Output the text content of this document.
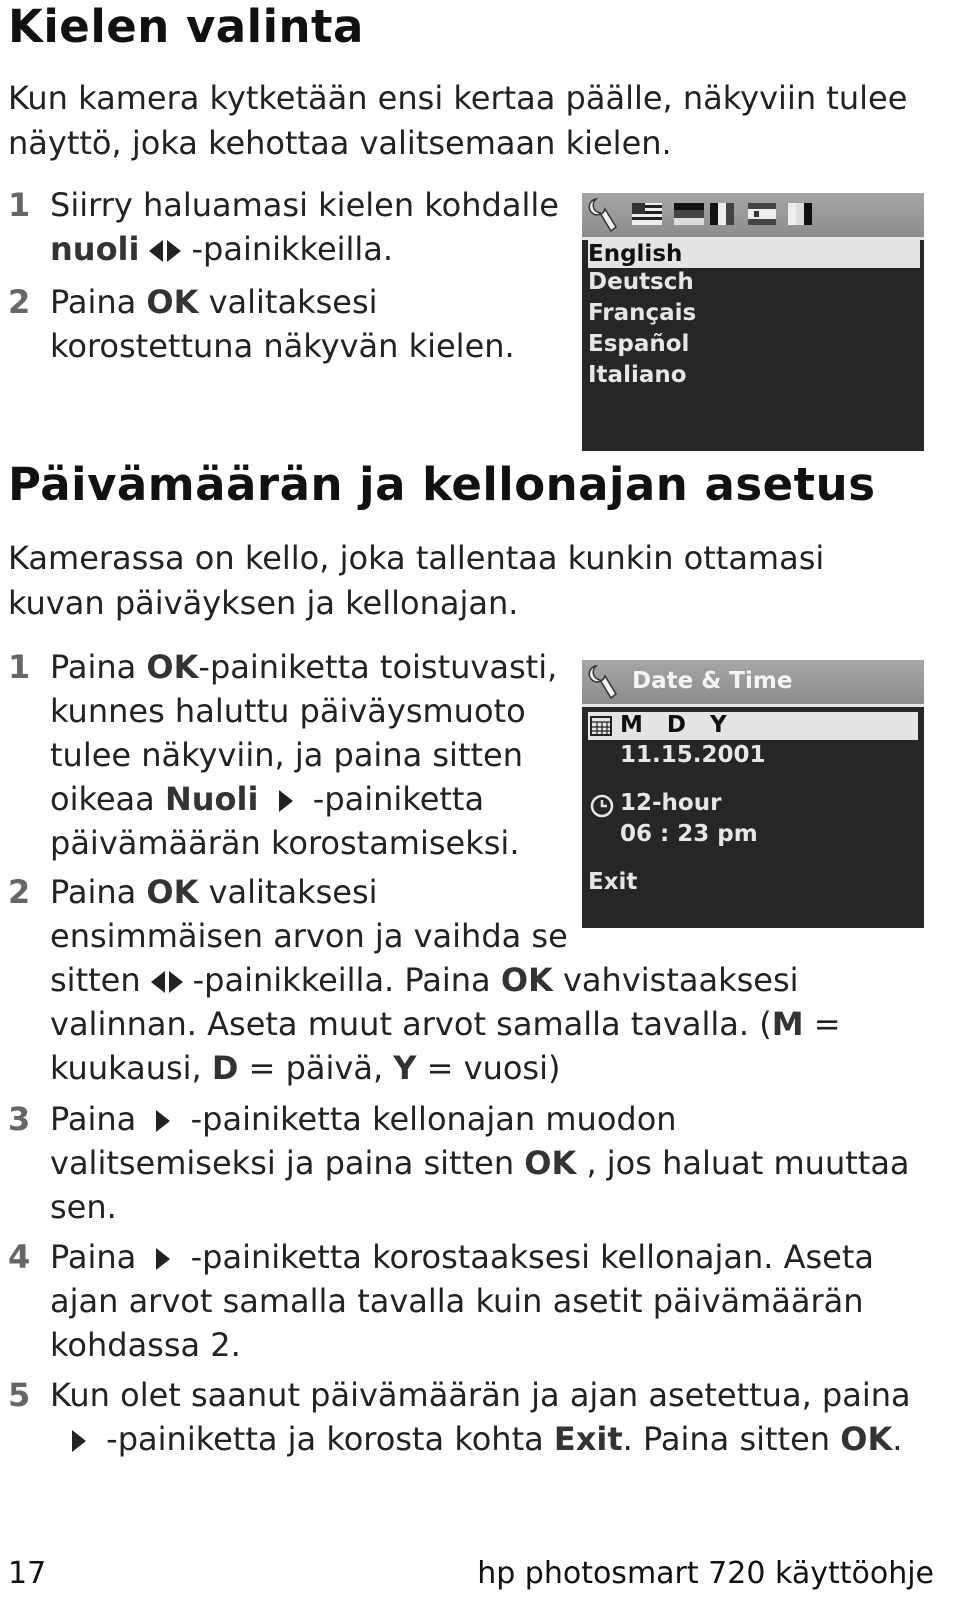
Kielen valinta

Kun kamera kytketään ensi kertaa päälle, näkyviin tulee
näyttö, joka kehottaa valitsemaan kielen.

1 Siirry haluamasi kielen kohdalle
nuoli -painikkeilla.
2 Paina OK valitaksesi
korostettuna näkyvän kielen.
English
Deutsch
Français
Español
Italiano
Päivämäärän ja kellonajan asetus

Kamerassa on kello, joka tallentaa kunkin ottamasi
kuvan päiväyksen ja kellonajan.

1 Paina OK-painiketta toistuvasti,
kunnes haluttu päiväysmuoto
tulee näkyviin, ja paina sitten
oikeaa Nuoli -painiketta
päivämäärän korostamiseksi.
2 Paina OK valitaksesi
ensimmäisen arvon ja vaihda se
sitten -painikkeilla. Paina OK vahvistaaksesi
valinnan. Aseta muut arvot samalla tavalla. (M =
kuukausi, D = päivä, Y = vuosi)
3 Paina -painiketta kellonajan muodon
valitsemiseksi ja paina sitten OK , jos haluat muuttaa
sen.
4 Paina -painiketta korostaaksesi kellonajan. Aseta
ajan arvot samalla tavalla kuin asetit päivämäärän
kohdassa 2.
5 Kun olet saanut päivämäärän ja ajan asetettua, paina
-painiketta ja korosta kohta Exit. Paina sitten OK.
Date & Time
M   D   Y
11.15.2001
12-hour
06 : 23 pm
Exit
17	hp photosmart 720 käyttöohje
